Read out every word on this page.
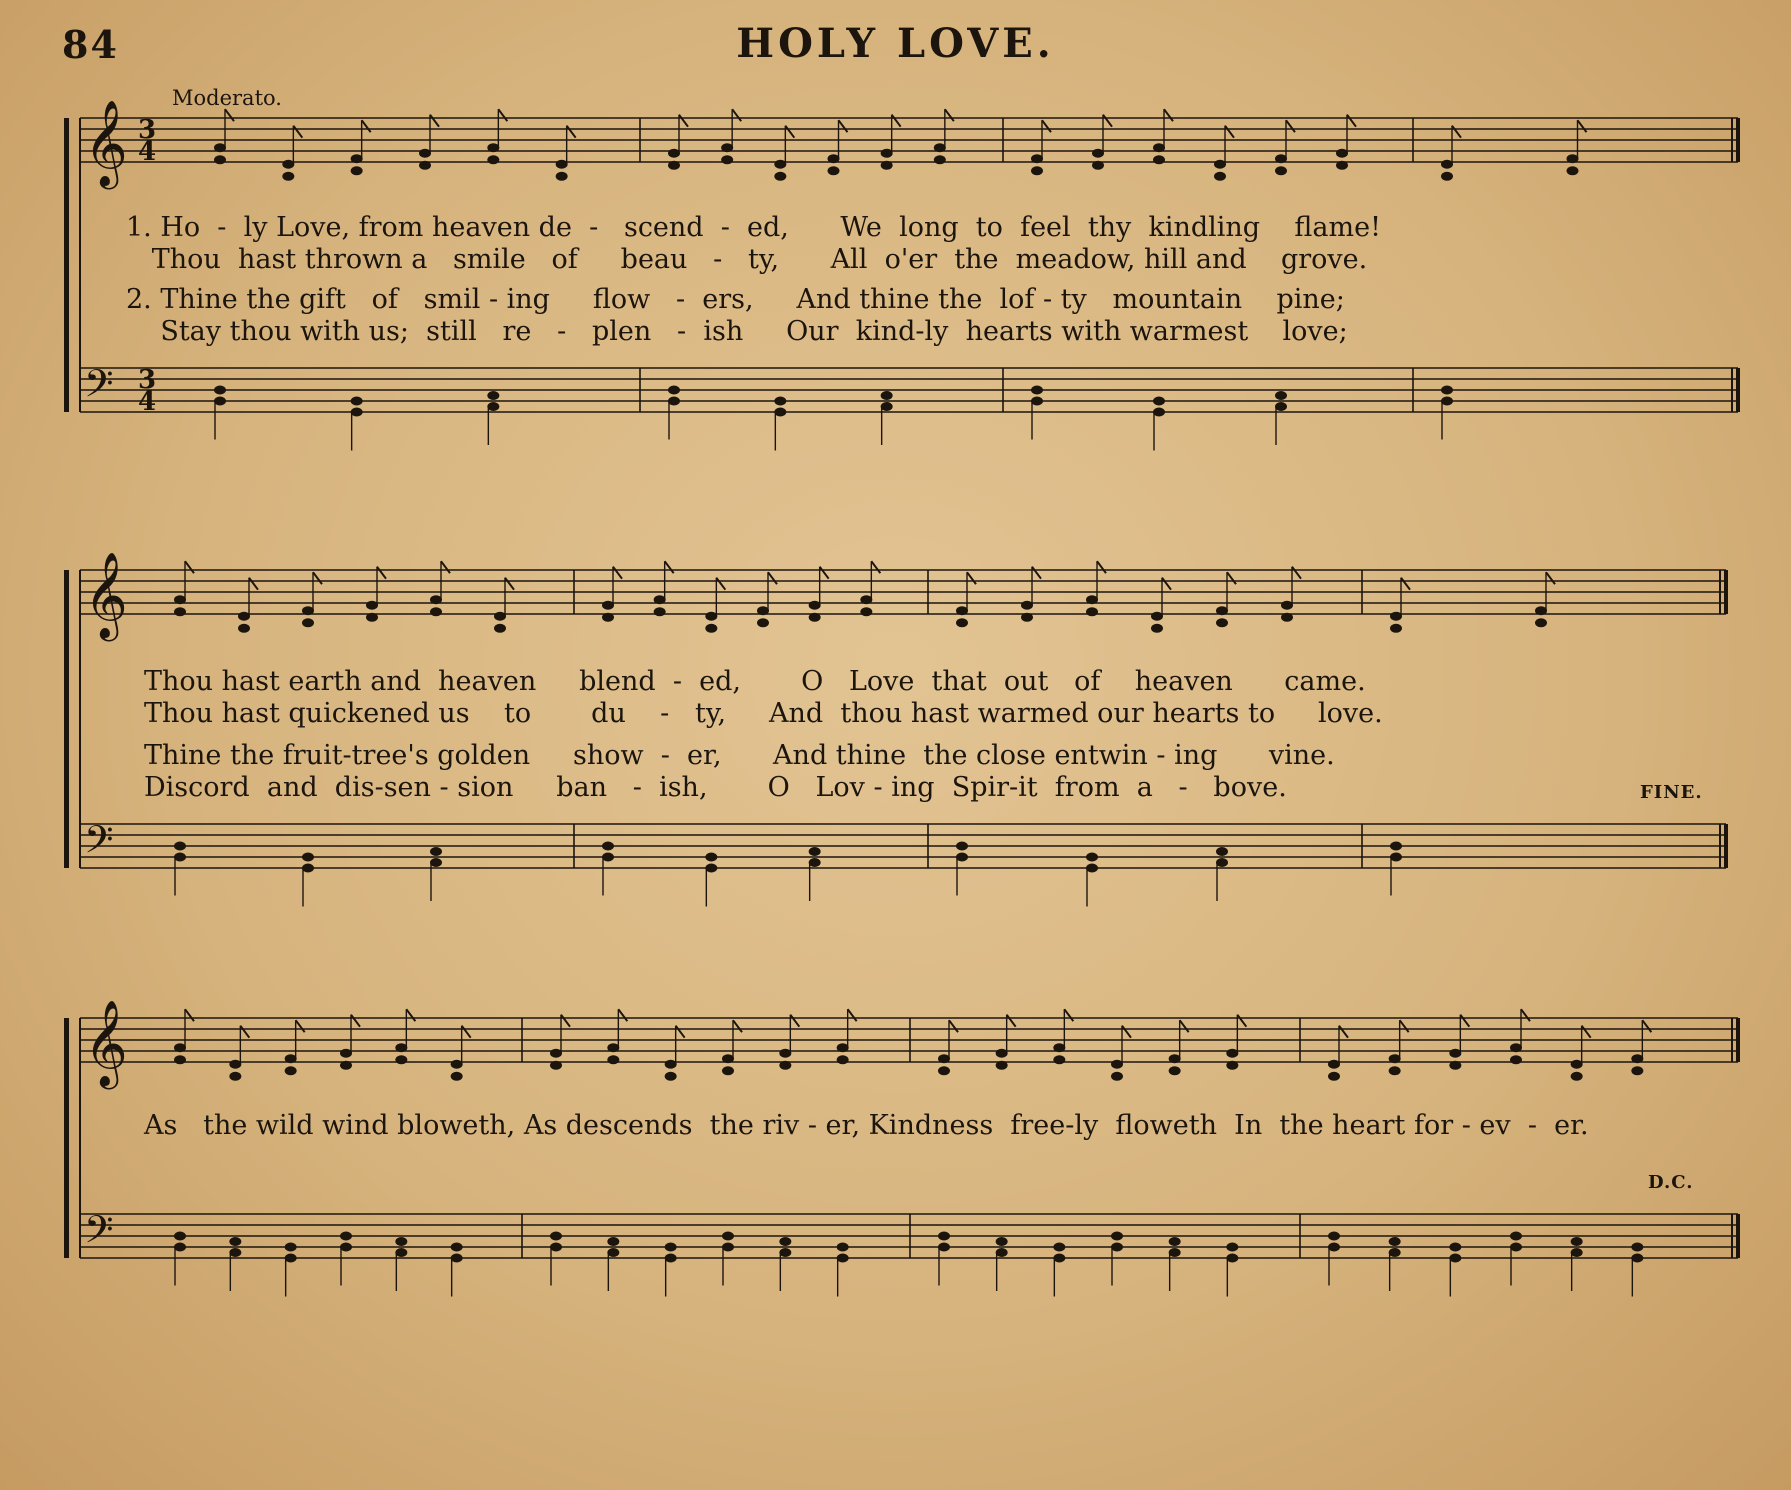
84	HOLY LOVE.
Moderato.
𝄞
𝄢
3
4
3
4
𝄞
𝄢
𝄞
𝄢
1. Ho  -  ly Love, from heaven de  -   scend  -  ed,      We  long  to  feel  thy  kindling    flame!
Thou  hast thrown a   smile   of     beau   -   ty,      All  o'er  the  meadow, hill and    grove.
2. Thine the gift   of   smil - ing     flow   -  ers,     And thine the  lof - ty   mountain    pine;
Stay thou with us;  still   re   -   plen   -  ish     Our  kind-ly  hearts with warmest    love;
Thou hast earth and  heaven     blend  -  ed,       O   Love  that  out   of    heaven      came.
Thou hast quickened us    to       du    -   ty,     And  thou hast warmed our hearts to     love.
Thine the fruit-tree's golden     show  -  er,      And thine  the close entwin - ing      vine.
Discord  and  dis-sen - sion     ban   -  ish,       O   Lov - ing  Spir-it  from  a   -   bove.	FINE.
As   the wild wind bloweth, As descends  the riv - er, Kindness  free-ly  floweth  In  the heart for - ev  -  er.
D.C.
